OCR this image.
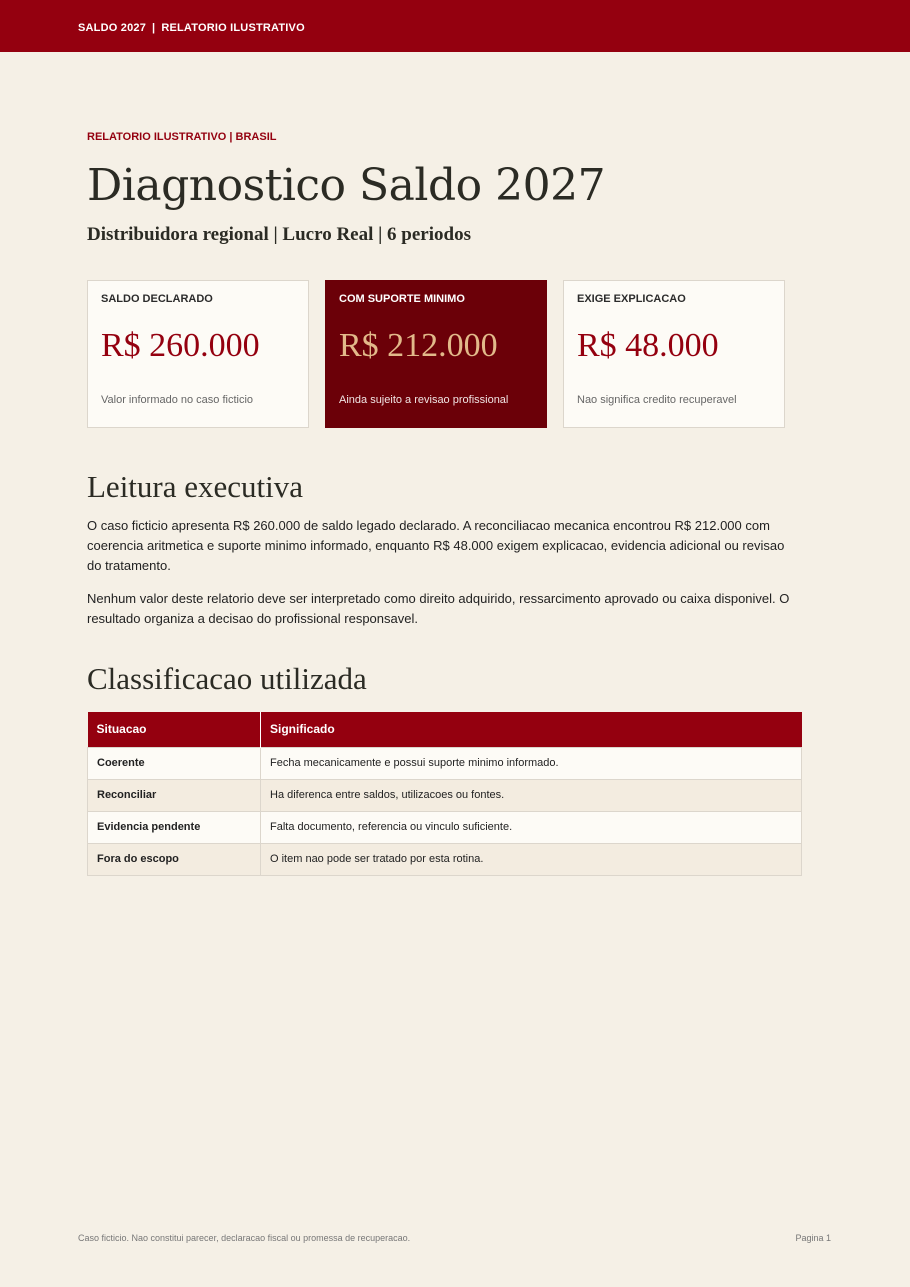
SALDO 2027 | RELATORIO ILUSTRATIVO
RELATORIO ILUSTRATIVO | BRASIL
Diagnostico Saldo 2027
Distribuidora regional | Lucro Real | 6 periodos
SALDO DECLARADO
R$ 260.000
Valor informado no caso ficticio
COM SUPORTE MINIMO
R$ 212.000
Ainda sujeito a revisao profissional
EXIGE EXPLICACAO
R$ 48.000
Nao significa credito recuperavel
Leitura executiva

O caso ficticio apresenta R$ 260.000 de saldo legado declarado. A reconciliacao mecanica encontrou R$ 212.000 com coerencia aritmetica e suporte minimo informado, enquanto R$ 48.000 exigem explicacao, evidencia adicional ou revisao do tratamento.

Nenhum valor deste relatorio deve ser interpretado como direito adquirido, ressarcimento aprovado ou caixa disponivel. O resultado organiza a decisao do profissional responsavel.

Classificacao utilizada
Situacao	Significado
Coerente	Fecha mecanicamente e possui suporte minimo informado.
Reconciliar	Ha diferenca entre saldos, utilizacoes ou fontes.
Evidencia pendente	Falta documento, referencia ou vinculo suficiente.
Fora do escopo	O item nao pode ser tratado por esta rotina.
Caso ficticio. Nao constitui parecer, declaracao fiscal ou promessa de recuperacao.	Pagina 1
